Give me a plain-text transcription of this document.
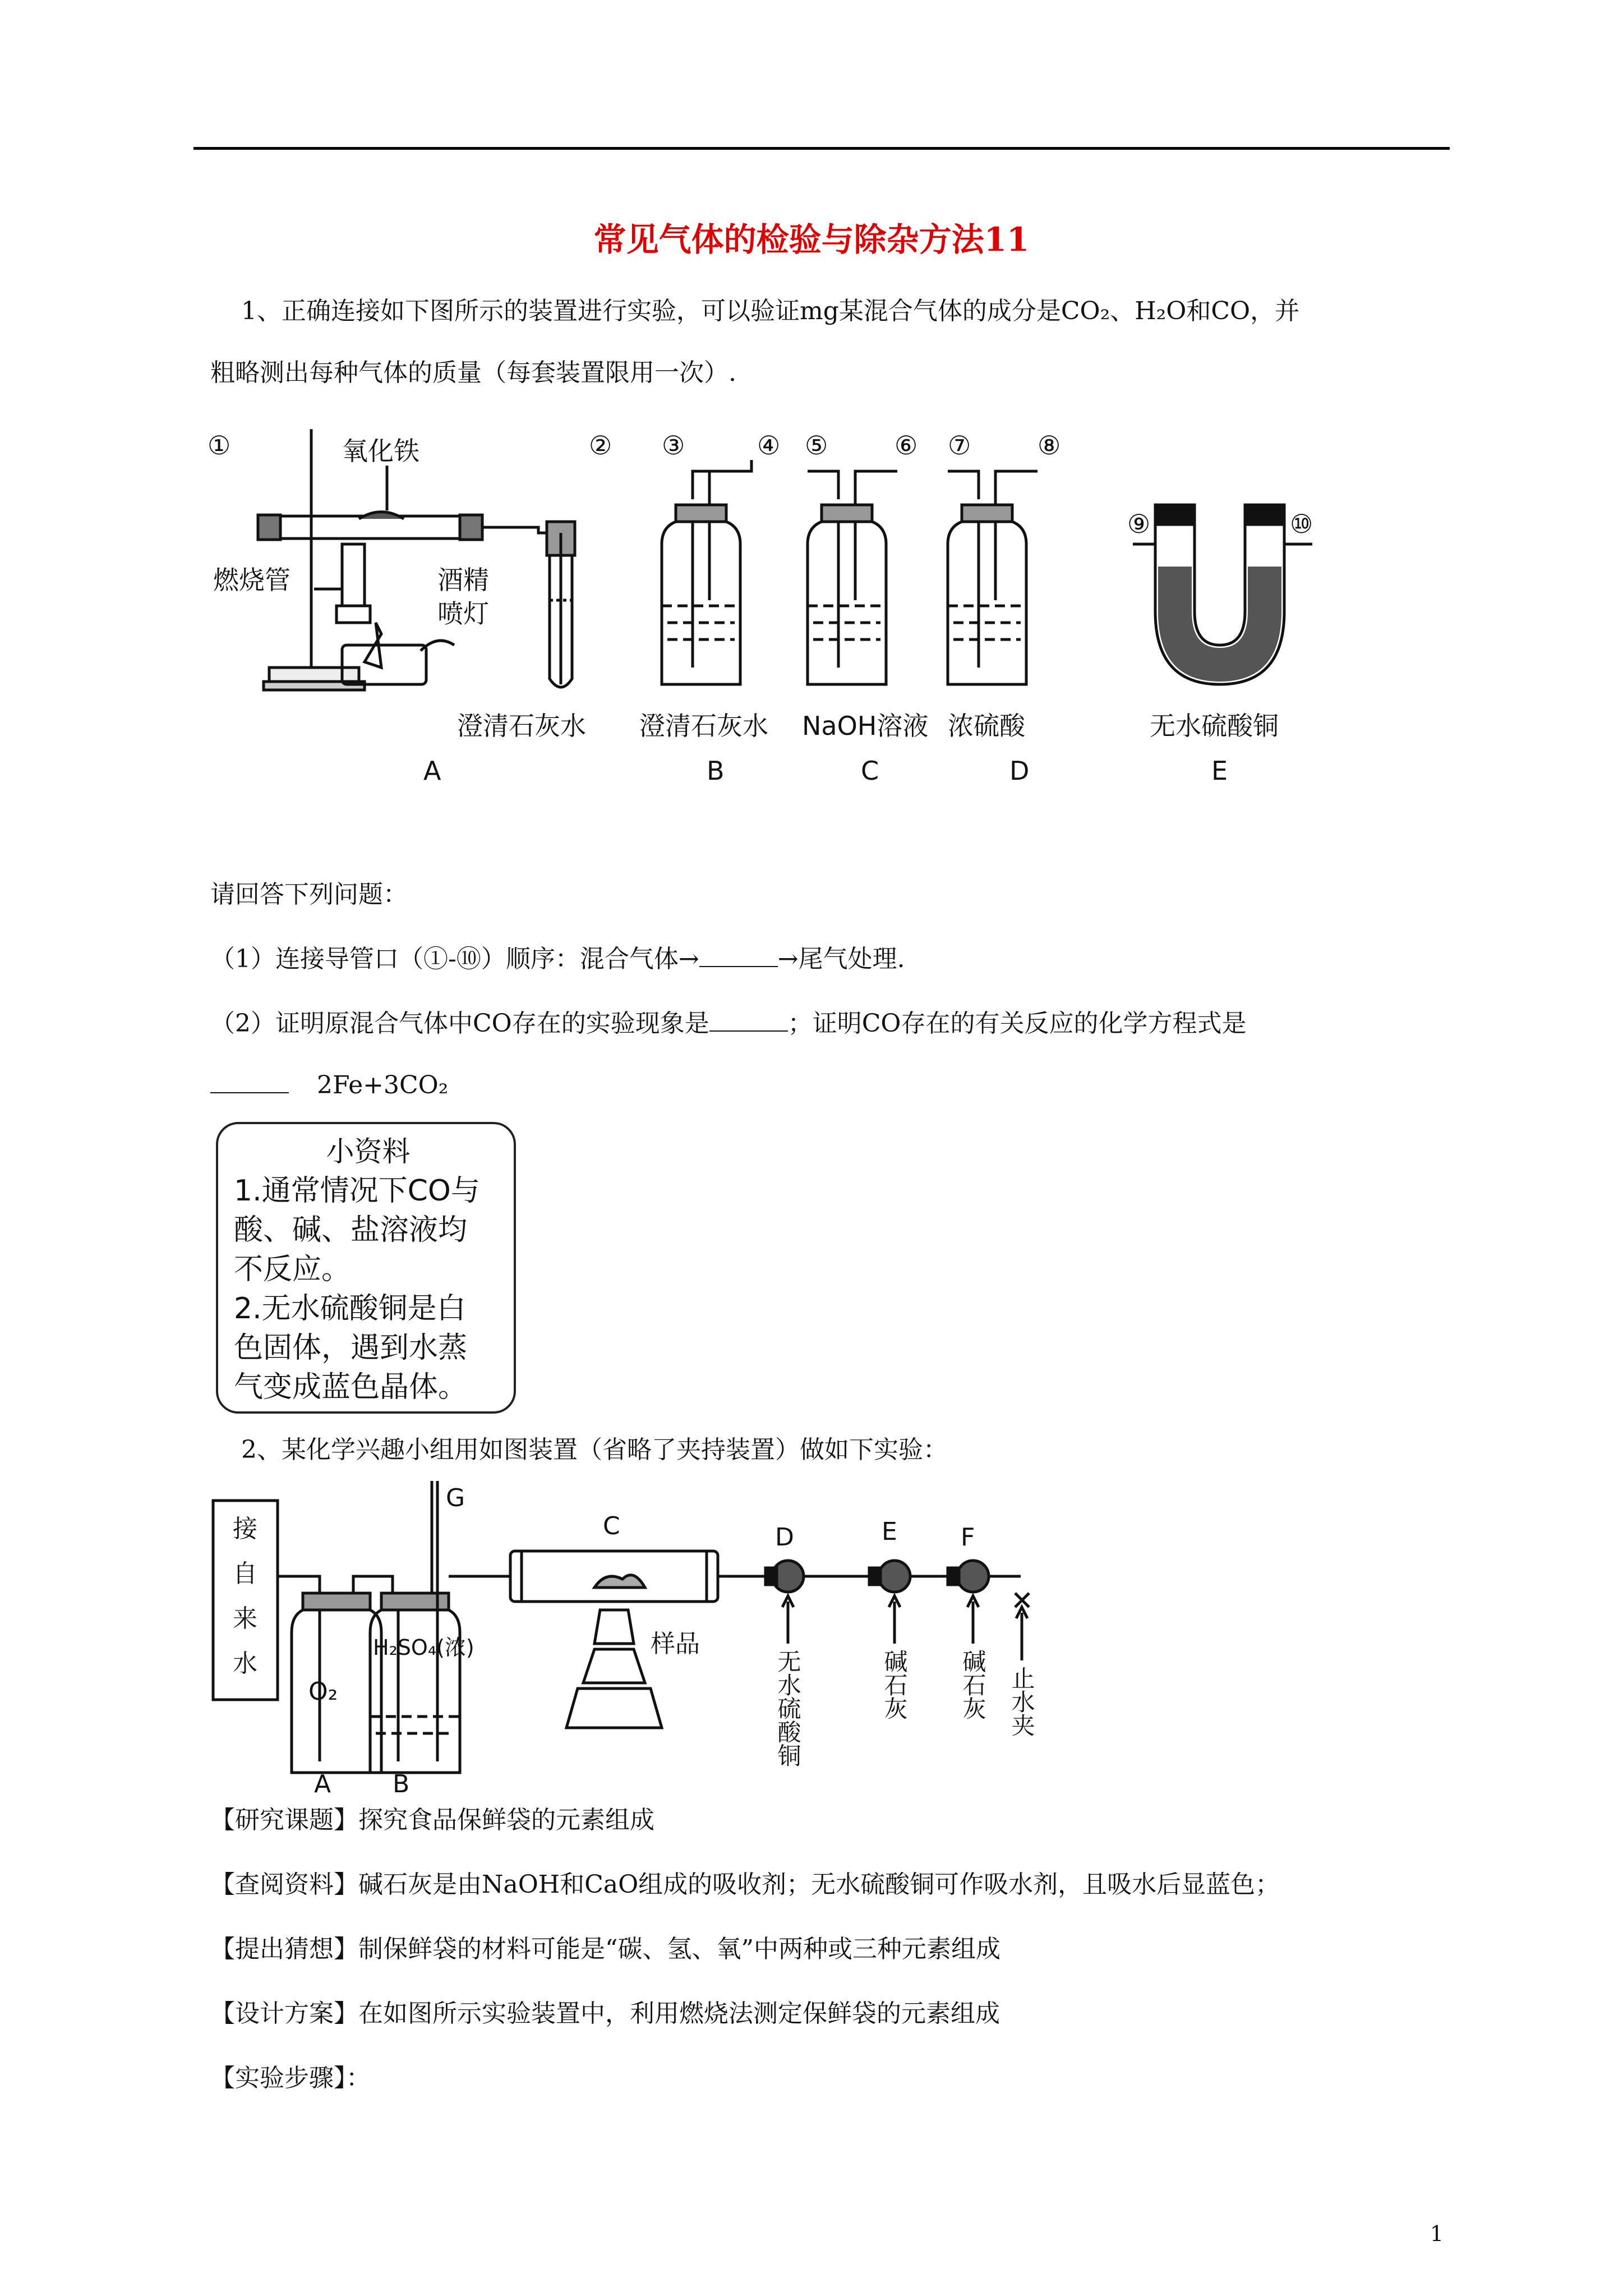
常见气体的检验与除杂方法11
1、正确连接如下图所示的装置进行实验，可以验证mg某混合气体的成分是CO₂、H₂O和CO，并
粗略测出每种气体的质量（每套装置限用一次）.
①	② ③	④ ⑤	⑥ ⑦	⑧
⑨	⑩
氧化铁
燃烧管	酒精
喷灯
澄清石灰水 澄清石灰水 NaOH溶液 浓硫酸	无水硫酸铜
A	B	C	D	E
请回答下列问题：
（1）连接导管口（①-⑩）顺序：混合气体→	→尾气处理.
（2）证明原混合气体中CO存在的实验现象是	；证明CO存在的有关反应的化学方程式是
2Fe+3CO₂
小资料
1.通常情况下CO与
酸、碱、盐溶液均
不反应。
2.无水硫酸铜是白
色固体，遇到水蒸
气变成蓝色晶体。
2、某化学兴趣小组用如图装置（省略了夹持装置）做如下实验：
接
自
来
水
G
C	D	E	F
A B
O₂
H₂SO₄(浓)	样品
无水硫酸铜	碱石灰 碱石灰 止水夹
【研究课题】探究食品保鲜袋的元素组成
【查阅资料】碱石灰是由NaOH和CaO组成的吸收剂；无水硫酸铜可作吸水剂，且吸水后显蓝色；
【提出猜想】制保鲜袋的材料可能是“碳、氢、氧”中两种或三种元素组成
【设计方案】在如图所示实验装置中，利用燃烧法测定保鲜袋的元素组成
【实验步骤】：
1
